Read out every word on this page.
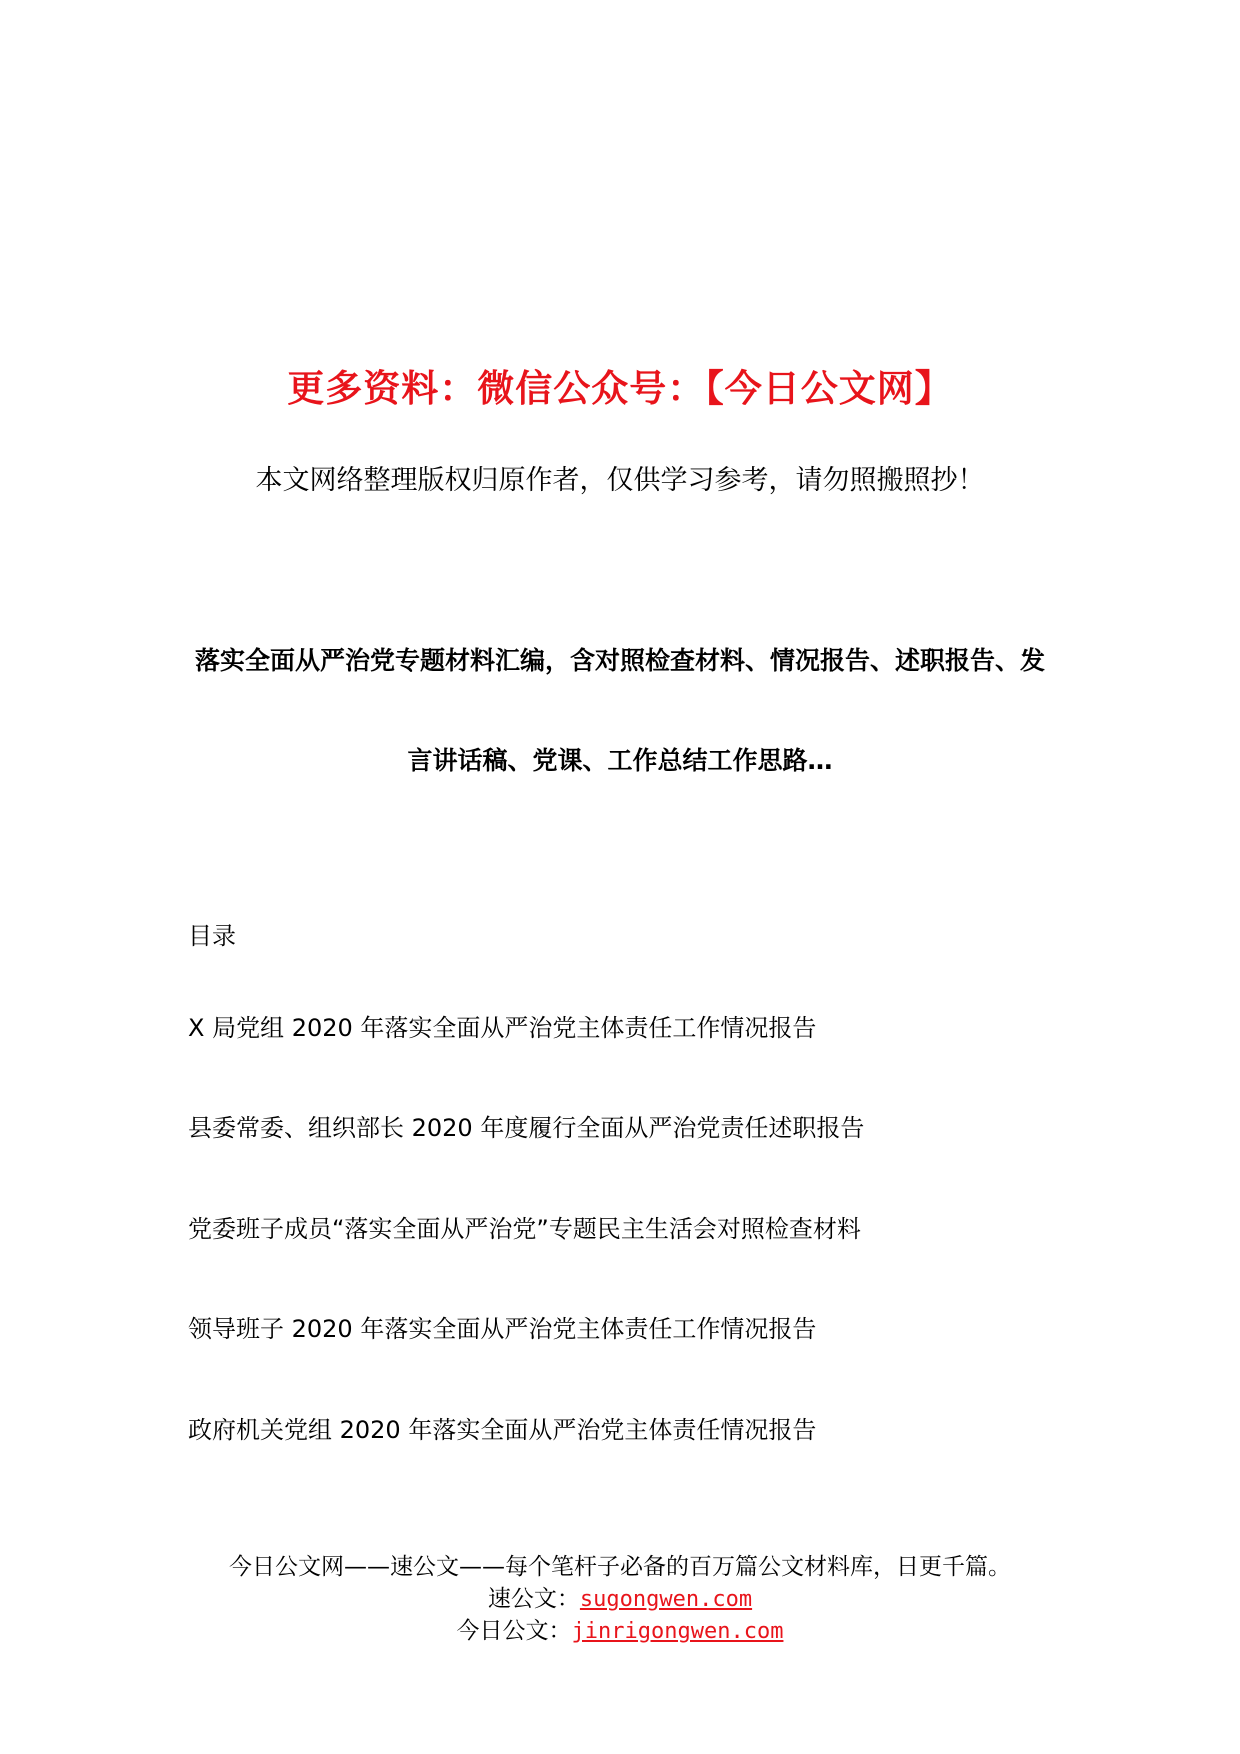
更多资料：微信公众号：【今日公文网】
本文网络整理版权归原作者，仅供学习参考，请勿照搬照抄！
落实全面从严治党专题材料汇编，含对照检查材料、情况报告、述职报告、发
言讲话稿、党课、工作总结工作思路…
目录
X 局党组 2020 年落实全面从严治党主体责任工作情况报告
县委常委、组织部长 2020 年度履行全面从严治党责任述职报告
党委班子成员“落实全面从严治党”专题民主生活会对照检查材料
领导班子 2020 年落实全面从严治党主体责任工作情况报告
政府机关党组 2020 年落实全面从严治党主体责任情况报告
今日公文网——速公文——每个笔杆子必备的百万篇公文材料库，日更千篇。
速公文：sugongwen.com
今日公文：jinrigongwen.com
